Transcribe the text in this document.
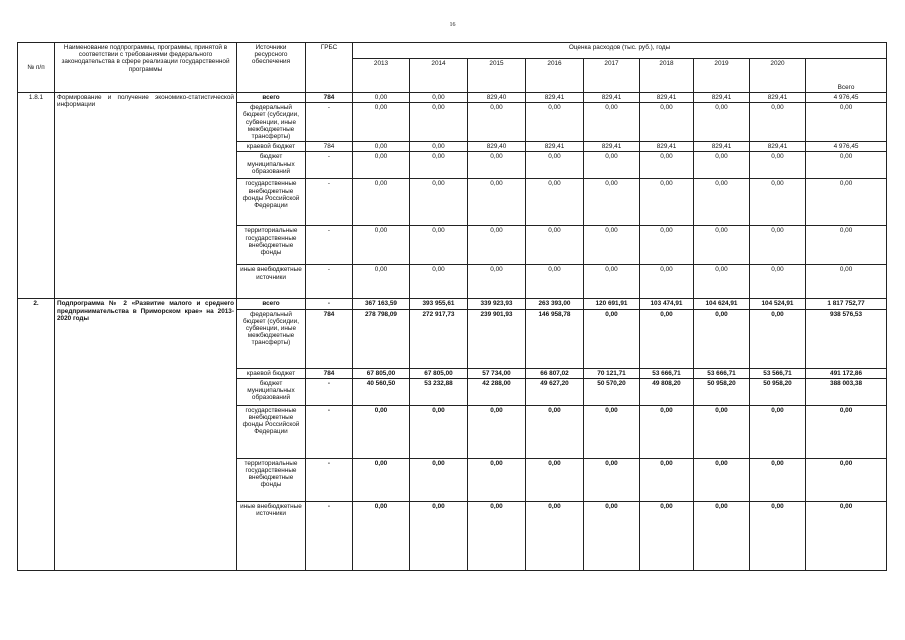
16
№ п/п	Наименование подпрограммы, программы, принятой в соответствии с требованиями федерального законодательства в сфере реализации государственной программы	Источники ресурсного обеспечения	ГРБС	Оценка расходов (тыс. руб.), годы								
				2013	2014	2015	2016	2017	2018	2019	2020	Всего
1.8.1	Формирование и получение экономико-статистической информации	всего	784	0,00	0,00	829,40	829,41	829,41	829,41	829,41	829,41	4 976,45
		федеральный бюджет (субсидии, субвенции, иные межбюджетные трансферты)	-	0,00	0,00	0,00	0,00	0,00	0,00	0,00	0,00	0,00
		краевой бюджет	784	0,00	0,00	829,40	829,41	829,41	829,41	829,41	829,41	4 976,45
		бюджет муниципальных образований	-	0,00	0,00	0,00	0,00	0,00	0,00	0,00	0,00	0,00
		государственные внебюджетные фонды Российской Федерации	-	0,00	0,00	0,00	0,00	0,00	0,00	0,00	0,00	0,00
		территориальные государственные внебюджетные фонды	-	0,00	0,00	0,00	0,00	0,00	0,00	0,00	0,00	0,00
		иные внебюджетные источники	-	0,00	0,00	0,00	0,00	0,00	0,00	0,00	0,00	0,00
2.	Подпрограмма № 2 «Развитие малого и среднего предпринимательства в Приморском крае» на 2013-2020 годы	всего	-	367 163,59	393 955,61	339 923,93	263 393,00	120 691,91	103 474,91	104 624,91	104 524,91	1 817 752,77
		федеральный бюджет (субсидии, субвенции, иные межбюджетные трансферты)	784	278 798,09	272 917,73	239 901,93	146 958,78	0,00	0,00	0,00	0,00	938 576,53
		краевой бюджет	784	67 805,00	67 805,00	57 734,00	66 807,02	70 121,71	53 666,71	53 666,71	53 566,71	491 172,86
		бюджет муниципальных образований	-	40 560,50	53 232,88	42 288,00	49 627,20	50 570,20	49 808,20	50 958,20	50 958,20	388 003,38
		государственные внебюджетные фонды Российской Федерации	-	0,00	0,00	0,00	0,00	0,00	0,00	0,00	0,00	0,00
		территориальные государственные внебюджетные фонды	-	0,00	0,00	0,00	0,00	0,00	0,00	0,00	0,00	0,00
		иные внебюджетные источники	-	0,00	0,00	0,00	0,00	0,00	0,00	0,00	0,00	0,00
